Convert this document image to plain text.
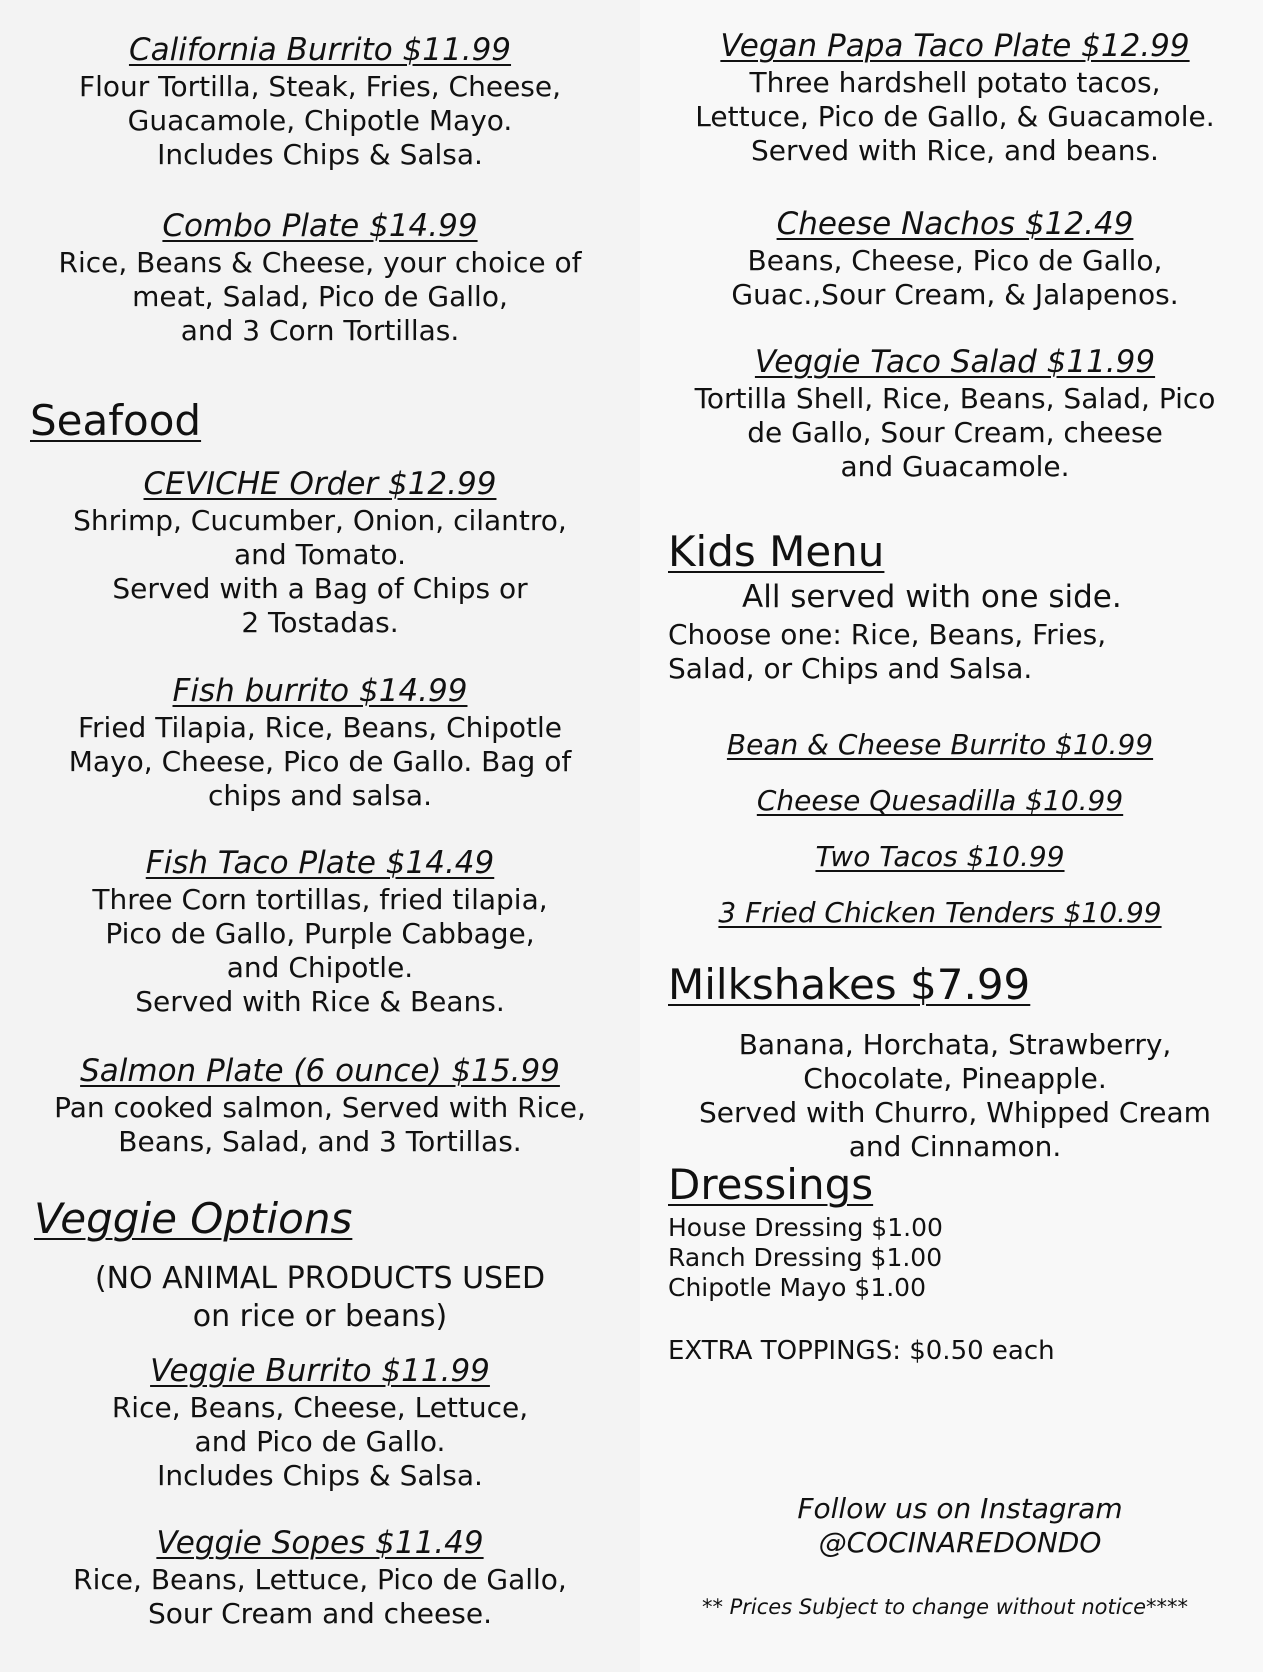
California Burrito $11.99

Flour Tortilla, Steak, Fries, Cheese,
Guacamole, Chipotle Mayo.
Includes Chips & Salsa.

Combo Plate $14.99

Rice, Beans & Cheese, your choice of
meat, Salad, Pico de Gallo,
and 3 Corn Tortillas.

Seafood

CEVICHE Order $12.99

Shrimp, Cucumber, Onion, cilantro,
and Tomato.
Served with a Bag of Chips or
2 Tostadas.

Fish burrito $14.99

Fried Tilapia, Rice, Beans, Chipotle
Mayo, Cheese, Pico de Gallo. Bag of
chips and salsa.

Fish Taco Plate $14.49

Three Corn tortillas, fried tilapia,
Pico de Gallo, Purple Cabbage,
and Chipotle.
Served with Rice & Beans.

Salmon Plate (6 ounce) $15.99

Pan cooked salmon, Served with Rice,
Beans, Salad, and 3 Tortillas.

Veggie Options

(NO ANIMAL PRODUCTS USED
on rice or beans)

Veggie Burrito $11.99

Rice, Beans, Cheese, Lettuce,
and Pico de Gallo.
Includes Chips & Salsa.

Veggie Sopes $11.49

Rice, Beans, Lettuce, Pico de Gallo,
Sour Cream and cheese.

Vegan Papa Taco Plate $12.99

Three hardshell potato tacos,
Lettuce, Pico de Gallo, & Guacamole.
Served with Rice, and beans.

Cheese Nachos $12.49

Beans, Cheese, Pico de Gallo,
Guac.,Sour Cream, & Jalapenos.

Veggie Taco Salad $11.99

Tortilla Shell, Rice, Beans, Salad, Pico
de Gallo, Sour Cream, cheese
and Guacamole.

Kids Menu

All served with one side.

Choose one: Rice, Beans, Fries,
Salad, or Chips and Salsa.

Bean & Cheese Burrito $10.99

Cheese Quesadilla $10.99

Two Tacos $10.99

3 Fried Chicken Tenders $10.99

Milkshakes $7.99

Banana, Horchata, Strawberry,
Chocolate, Pineapple.
Served with Churro, Whipped Cream
and Cinnamon.

Dressings

House Dressing $1.00

Ranch Dressing $1.00

Chipotle Mayo $1.00

EXTRA TOPPINGS: $0.50 each

Follow us on Instagram

@COCINAREDONDO

** Prices Subject to change without notice****
